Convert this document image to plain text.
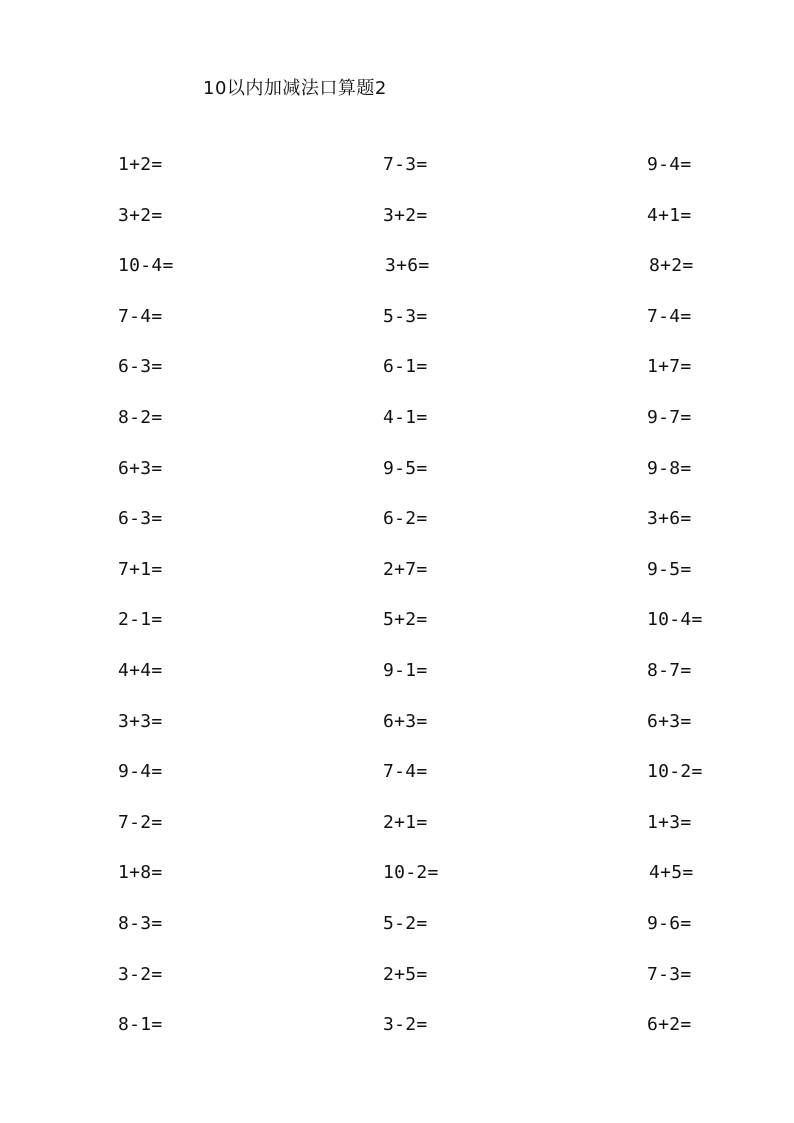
10以内加减法口算题2
1+2=	7-3=	9-4=
3+2=	3+2=	4+1=
10-4=	3+6=	8+2=
7-4=	5-3=	7-4=
6-3=	6-1=	1+7=
8-2=	4-1=	9-7=
6+3=	9-5=	9-8=
6-3=	6-2=	3+6=
7+1=	2+7=	9-5=
2-1=	5+2=	10-4=
4+4=	9-1=	8-7=
3+3=	6+3=	6+3=
9-4=	7-4=	10-2=
7-2=	2+1=	1+3=
1+8=	10-2=	4+5=
8-3=	5-2=	9-6=
3-2=	2+5=	7-3=
8-1=	3-2=	6+2=
